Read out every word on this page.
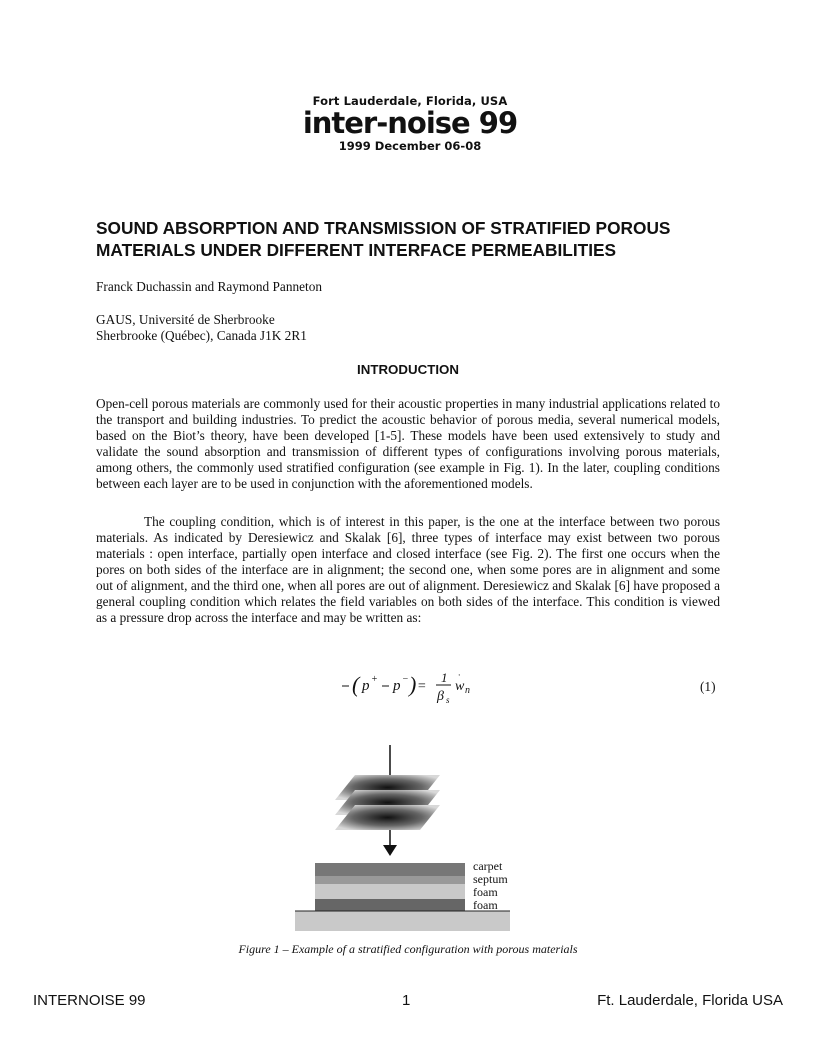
Fort Lauderdale, Florida, USA
inter-noise 99
1999 December 06-08
SOUND ABSORPTION AND TRANSMISSION OF STRATIFIED POROUS MATERIALS UNDER DIFFERENT INTERFACE PERMEABILITIES
Franck Duchassin and Raymond Panneton
GAUS, Université de Sherbrooke
Sherbrooke (Québec), Canada J1K 2R1
INTRODUCTION
Open-cell porous materials are commonly used for their acoustic properties in many industrial applications related to the transport and building industries. To predict the acoustic behavior of porous media, several numerical models, based on the Biot’s theory, have been developed [1-5]. These models have been used extensively to study and validate the sound absorption and transmission of different types of configurations involving porous materials, among others, the commonly used stratified configuration (see example in Fig. 1). In the later, coupling conditions between each layer are to be used in conjunction with the aforementioned models.
The coupling condition, which is of interest in this paper, is the one at the interface between two porous materials. As indicated by Deresiewicz and Skalak [6], three types of interface may exist between two porous materials : open interface, partially open interface and closed interface (see Fig. 2). The first one occurs when the pores on both sides of the interface are in alignment; the second one, when some pores are in alignment and some out of alignment, and the third one, when all pores are out of alignment. Deresiewicz and Skalak [6] have proposed a general coupling condition which relates the field variables on both sides of the interface. This condition is viewed as a pressure drop across the interface and may be written as:
( p + p − ) =
1
β s
w
·
n	(1)
carpet
septum
foam
foam
Figure 1 – Example of a stratified configuration with porous materials
INTERNOISE 99	1	Ft. Lauderdale, Florida USA
